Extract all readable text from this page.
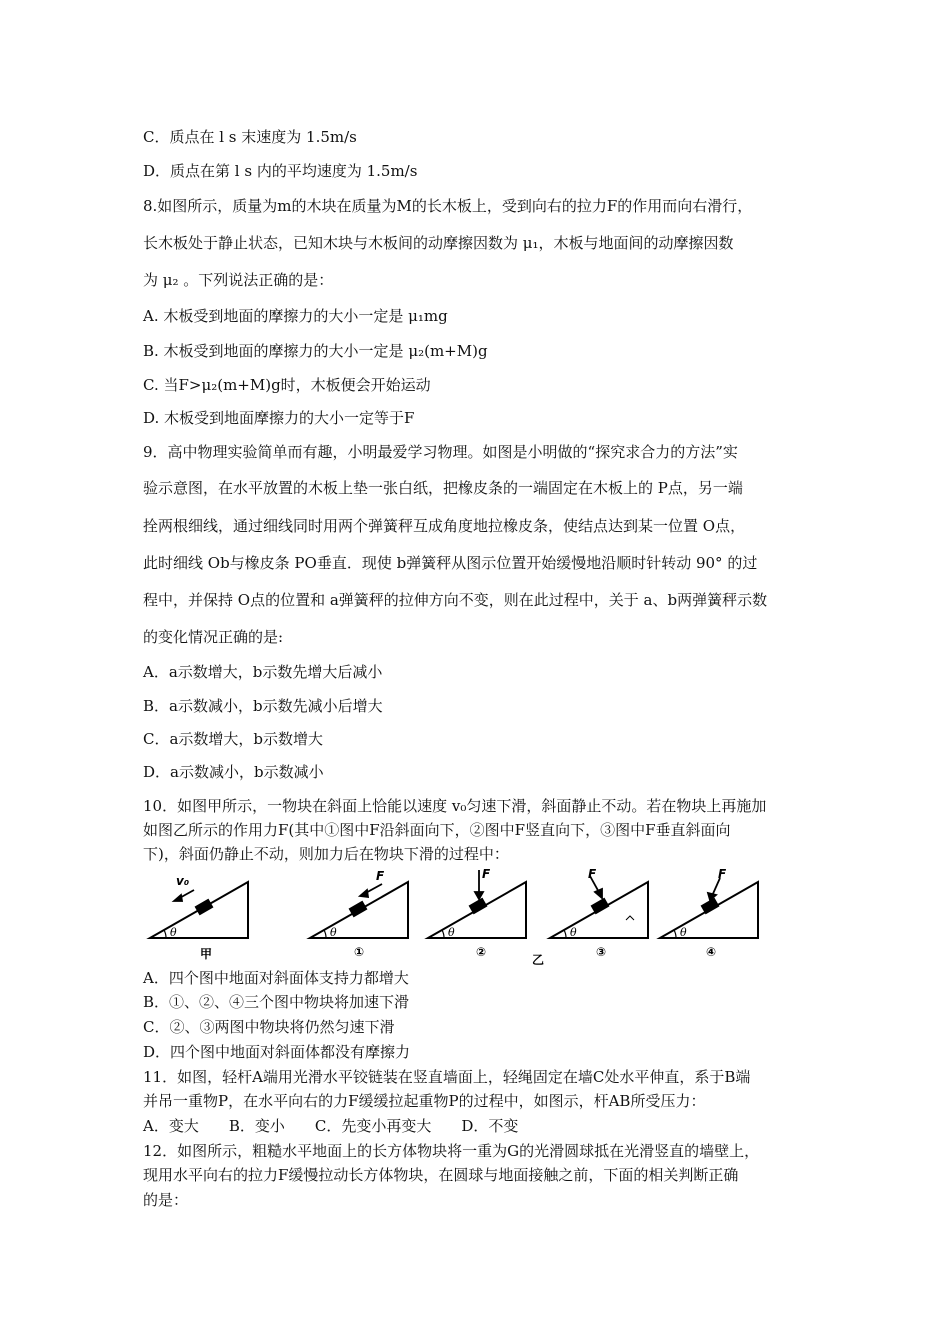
C．质点在 l s 末速度为 1.5m/s
D．质点在第 l s 内的平均速度为 1.5m/s
8.如图所示，质量为m的木块在质量为M的长木板上，受到向右的拉力F的作用而向右滑行，
长木板处于静止状态，已知木块与木板间的动摩擦因数为 μ₁，木板与地面间的动摩擦因数
为 μ₂ 。下列说法正确的是：
A. 木板受到地面的摩擦力的大小一定是 μ₁mg
B. 木板受到地面的摩擦力的大小一定是 μ₂(m+M)g
C. 当F>μ₂(m+M)g时，木板便会开始运动
D. 木板受到地面摩擦力的大小一定等于F
9．高中物理实验简单而有趣，小明最爱学习物理。如图是小明做的“探究求合力的方法”实
验示意图，在水平放置的木板上垫一张白纸，把橡皮条的一端固定在木板上的 P点，另一端
拴两根细线，通过细线同时用两个弹簧秤互成角度地拉橡皮条，使结点达到某一位置 O点，
此时细线 Ob与橡皮条 PO垂直．现使 b弹簧秤从图示位置开始缓慢地沿顺时针转动 90° 的过
程中，并保持 O点的位置和 a弹簧秤的拉伸方向不变，则在此过程中，关于 a、b两弹簧秤示数
的变化情况正确的是:
A．a示数增大，b示数先增大后减小
B．a示数减小，b示数先减小后增大
C．a示数增大，b示数增大
D．a示数减小，b示数减小
10．如图甲所示，一物块在斜面上恰能以速度 v₀匀速下滑，斜面静止不动。若在物块上再施加
如图乙所示的作用力F(其中①图中F沿斜面向下，②图中F竖直向下，③图中F垂直斜面向
下)，斜面仍静止不动，则加力后在物块下滑的过程中：
v₀	F	F	F	F
θ	θ	θ	θ	θ
甲	①	②
乙
③	④
A．四个图中地面对斜面体支持力都增大
B．①、②、④三个图中物块将加速下滑
C．②、③两图中物块将仍然匀速下滑
D．四个图中地面对斜面体都没有摩擦力
11．如图，轻杆A端用光滑水平铰链装在竖直墙面上，轻绳固定在墙C处水平伸直，系于B端
并吊一重物P，在水平向右的力F缓缓拉起重物P的过程中，如图示，杆AB所受压力：
A．变大　　B．变小　　C．先变小再变大　　D．不变
12．如图所示，粗糙水平地面上的长方体物块将一重为G的光滑圆球抵在光滑竖直的墙壁上，
现用水平向右的拉力F缓慢拉动长方体物块，在圆球与地面接触之前，下面的相关判断正确
的是：
